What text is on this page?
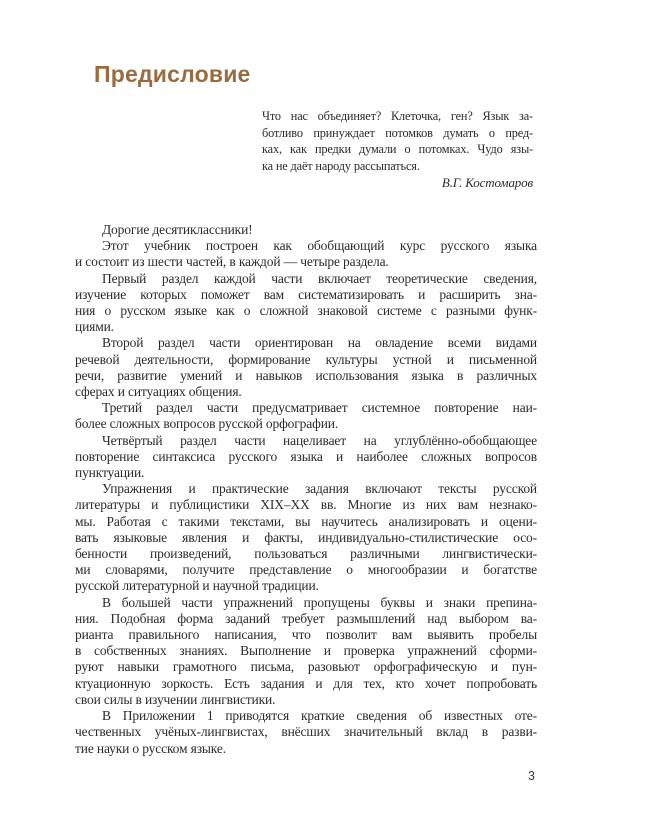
Предисловие
Что нас объединяет? Клеточка, ген? Язык за-
ботливо принуждает потомков думать о пред-
ках, как предки думали о потомках. Чудо язы-
ка не даёт народу рассыпаться.
В.Г. Костомаров
Дорогие десятиклассники!
Этот учебник построен как обобщающий курс русского языка
и состоит из шести частей, в каждой — четыре раздела.
Первый раздел каждой части включает теоретические сведения,
изучение которых поможет вам систематизировать и расширить зна-
ния о русском языке как о сложной знаковой системе с разными функ-
циями.
Второй раздел части ориентирован на овладение всеми видами
речевой деятельности, формирование культуры устной и письменной
речи, развитие умений и навыков использования языка в различных
сферах и ситуациях общения.
Третий раздел части предусматривает системное повторение наи-
более сложных вопросов русской орфографии.
Четвёртый раздел части нацеливает на углублённо-обобщающее
повторение синтаксиса русского языка и наиболее сложных вопросов
пунктуации.
Упражнения и практические задания включают тексты русской
литературы и публицистики XIX–XX вв. Многие из них вам незнако-
мы. Работая с такими текстами, вы научитесь анализировать и оцени-
вать языковые явления и факты, индивидуально-стилистические осо-
бенности произведений, пользоваться различными лингвистически-
ми словарями, получите представление о многообразии и богатстве
русской литературной и научной традиции.
В большей части упражнений пропущены буквы и знаки препина-
ния. Подобная форма заданий требует размышлений над выбором ва-
рианта правильного написания, что позволит вам выявить пробелы
в собственных знаниях. Выполнение и проверка упражнений сформи-
руют навыки грамотного письма, разовьют орфографическую и пун-
ктуационную зоркость. Есть задания и для тех, кто хочет попробовать
свои силы в изучении лингвистики.
В Приложении 1 приводятся краткие сведения об известных оте-
чественных учёных-лингвистах, внёсших значительный вклад в разви-
тие науки о русском языке.
3
